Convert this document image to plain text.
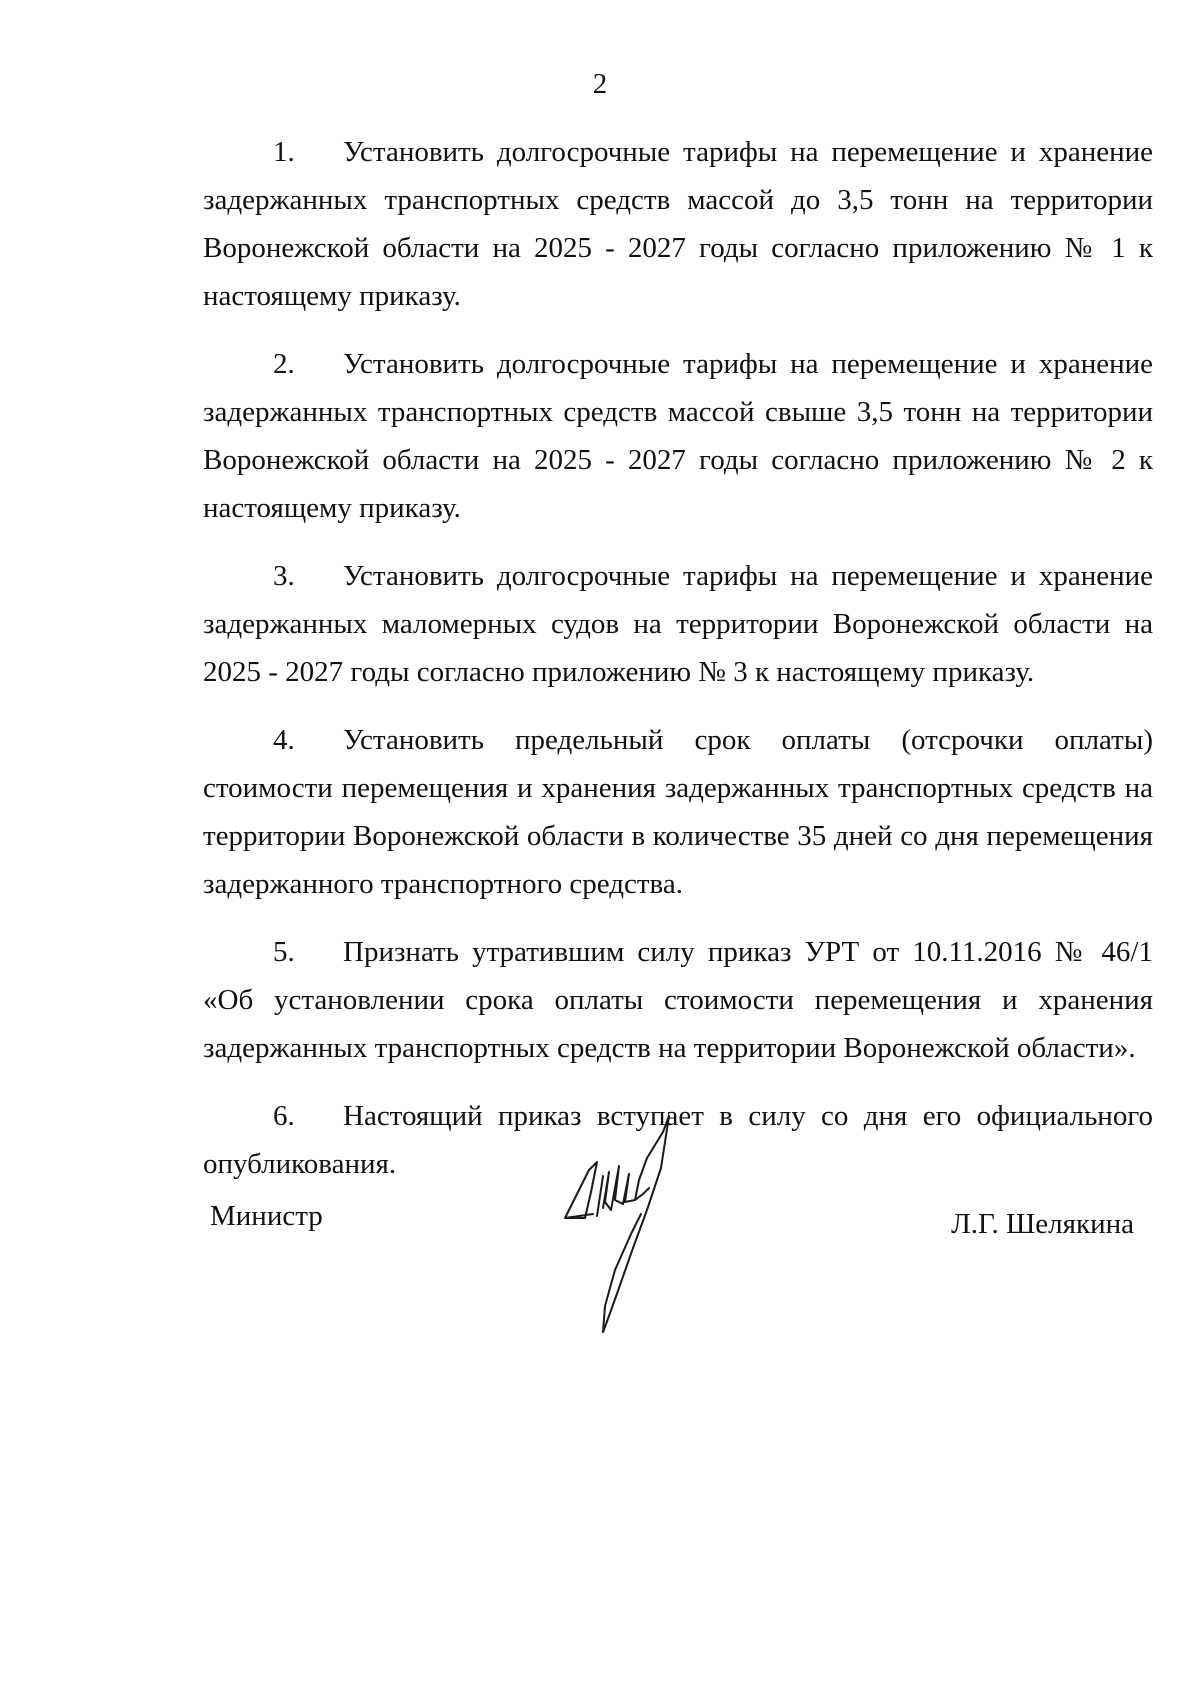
2

1. Установить долгосрочные тарифы на перемещение и хранение задержанных транспортных средств массой до 3,5 тонн на территории Воронежской области на 2025 - 2027 годы согласно приложению № 1 к настоящему приказу.

2. Установить долгосрочные тарифы на перемещение и хранение задержанных транспортных средств массой свыше 3,5 тонн на территории Воронежской области на 2025 - 2027 годы согласно приложению № 2 к настоящему приказу.

3. Установить долгосрочные тарифы на перемещение и хранение задержанных маломерных судов на территории Воронежской области на 2025 - 2027 годы согласно приложению № 3 к настоящему приказу.

4. Установить предельный срок оплаты (отсрочки оплаты) стоимости перемещения и хранения задержанных транспортных средств на территории Воронежской области в количестве 35 дней со дня перемещения задержанного транспортного средства.

5. Признать утратившим силу приказ УРТ от 10.11.2016 № 46/1 «Об установлении срока оплаты стоимости перемещения и хранения задержанных транспортных средств на территории Воронежской области».

6. Настоящий приказ вступает в силу со дня его официального опубликования.

Министр	Л.Г. Шелякина
